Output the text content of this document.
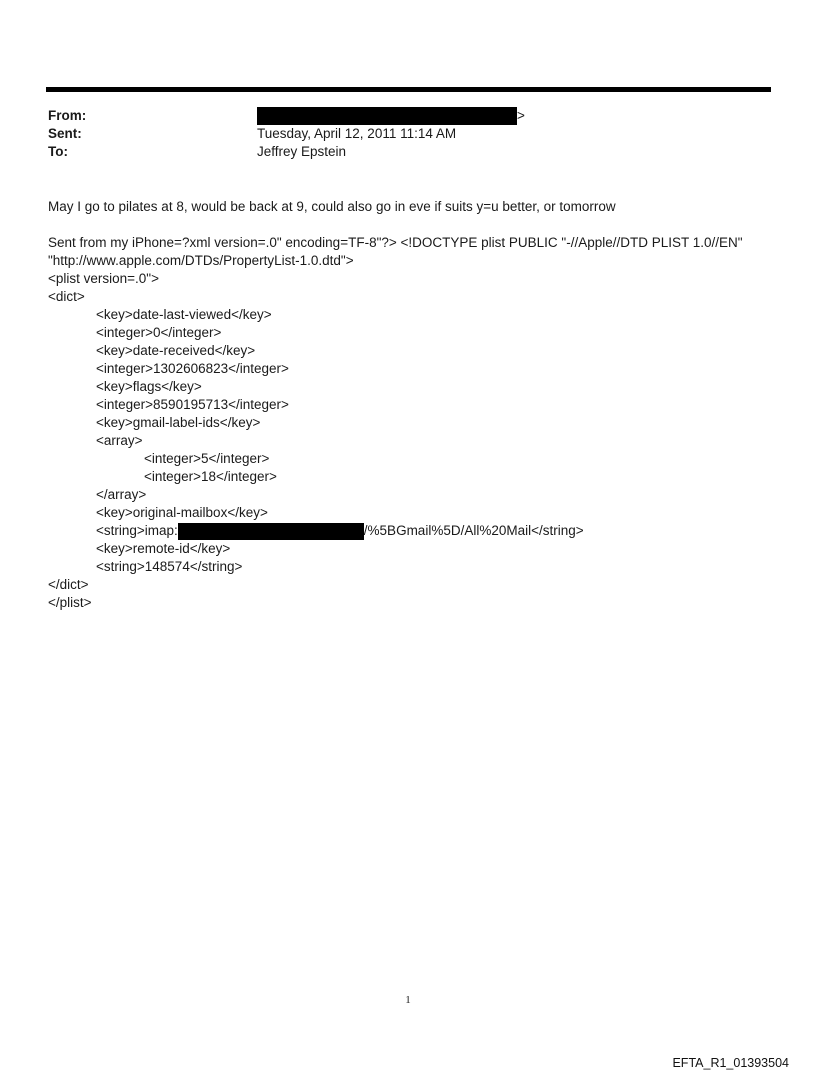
From:	>
Sent:	Tuesday, April 12, 2011 11:14 AM
To:	Jeffrey Epstein
May I go to pilates at 8, would be back at 9, could also go in eve if suits y=u better, or tomorrow
Sent from my iPhone=?xml version=.0" encoding=TF-8"?> <!DOCTYPE plist PUBLIC "-//Apple//DTD PLIST 1.0//EN"
"http://www.apple.com/DTDs/PropertyList-1.0.dtd">
<plist version=.0">
<dict>
<key>date-last-viewed</key>
<integer>0</integer>
<key>date-received</key>
<integer>1302606823</integer>
<key>flags</key>
<integer>8590195713</integer>
<key>gmail-label-ids</key>
<array>
<integer>5</integer>
<integer>18</integer>
</array>
<key>original-mailbox</key>
<string>imap:	/%5BGmail%5D/All%20Mail</string>
<key>remote-id</key>
<string>148574</string>
</dict>
</plist>
1
EFTA_R1_01393504
